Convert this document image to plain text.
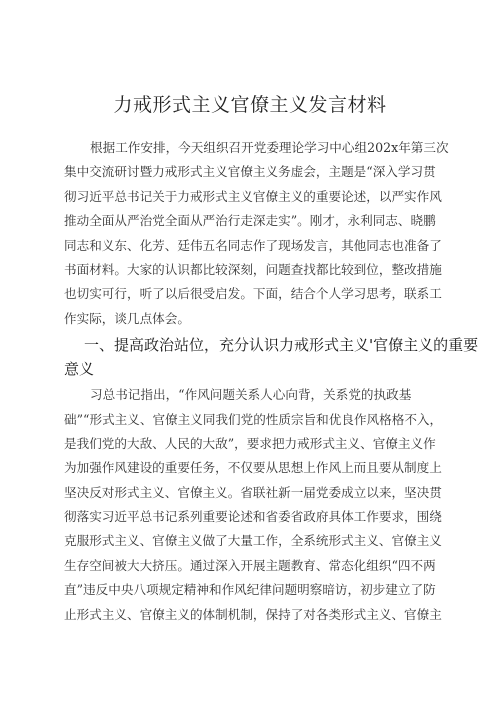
力戒形式主义官僚主义发言材料
根据工作安排，今天组织召开党委理论学习中心组202x年第三次
集中交流研讨暨力戒形式主义官僚主义务虚会，主题是“深入学习贯
彻习近平总书记关于力戒形式主义官僚主义的重要论述，以严实作风
推动全面从严治党全面从严治行走深走实”。刚才，永利同志、晓鹏
同志和义东、化芳、廷伟五名同志作了现场发言，其他同志也准备了
书面材料。大家的认识都比较深刻，问题查找都比较到位，整改措施
也切实可行，听了以后很受启发。下面，结合个人学习思考，联系工
作实际，谈几点体会。
一、提高政治站位，充分认识力戒形式主义'官僚主义的重要
意义
习总书记指出，“作风问题关系人心向背，关系党的执政基
础”“形式主义、官僚主义同我们党的性质宗旨和优良作风格格不入，
是我们党的大敌、人民的大敌”，要求把力戒形式主义、官僚主义作
为加强作风建设的重要任务，不仅要从思想上作风上而且要从制度上
坚决反对形式主义、官僚主义。省联社新一届党委成立以来，坚决贯
彻落实习近平总书记系列重要论述和省委省政府具体工作要求，围绕
克服形式主义、官僚主义做了大量工作，全系统形式主义、官僚主义
生存空间被大大挤压。通过深入开展主题教育、常态化组织“四不两
直”违反中央八项规定精神和作风纪律问题明察暗访，初步建立了防
止形式主义、官僚主义的体制机制，保持了对各类形式主义、官僚主
